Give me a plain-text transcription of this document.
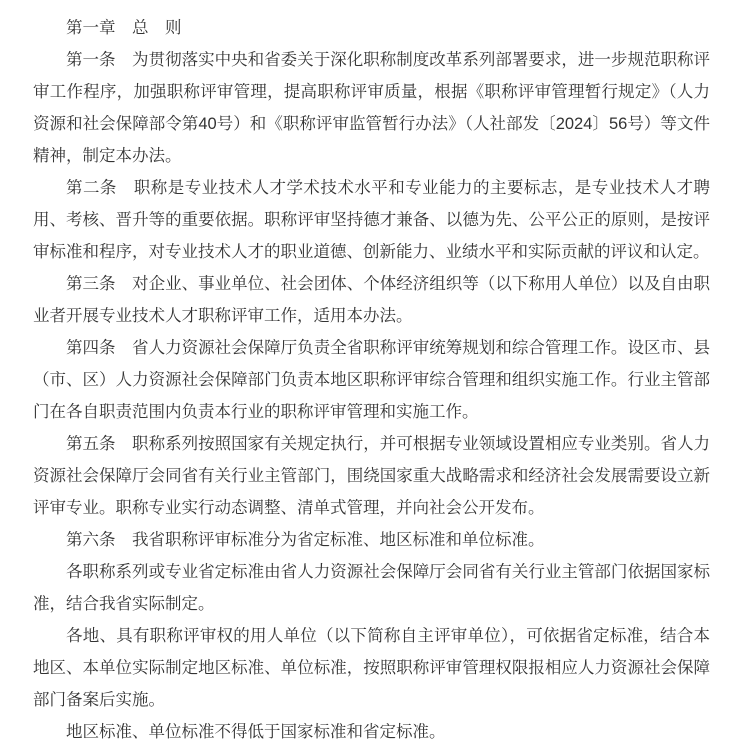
第一章　总　则

第一条　为贯彻落实中央和省委关于深化职称制度改革系列部署要求，进一步规范职称评审工作程序，加强职称评审管理，提高职称评审质量，根据《职称评审管理暂行规定》（人力资源和社会保障部令第40号）和《职称评审监管暂行办法》（人社部发〔2024〕56号）等文件精神，制定本办法。

第二条　职称是专业技术人才学术技术水平和专业能力的主要标志，是专业技术人才聘用、考核、晋升等的重要依据。职称评审坚持德才兼备、以德为先、公平公正的原则，是按评审标准和程序，对专业技术人才的职业道德、创新能力、业绩水平和实际贡献的评议和认定。

第三条　对企业、事业单位、社会团体、个体经济组织等（以下称用人单位）以及自由职业者开展专业技术人才职称评审工作，适用本办法。

第四条　省人力资源社会保障厅负责全省职称评审统筹规划和综合管理工作。设区市、县（市、区）人力资源社会保障部门负责本地区职称评审综合管理和组织实施工作。行业主管部门在各自职责范围内负责本行业的职称评审管理和实施工作。

第五条　职称系列按照国家有关规定执行，并可根据专业领域设置相应专业类别。省人力资源社会保障厅会同省有关行业主管部门，围绕国家重大战略需求和经济社会发展需要设立新评审专业。职称专业实行动态调整、清单式管理，并向社会公开发布。

第六条　我省职称评审标准分为省定标准、地区标准和单位标准。

各职称系列或专业省定标准由省人力资源社会保障厅会同省有关行业主管部门依据国家标准，结合我省实际制定。

各地、具有职称评审权的用人单位（以下简称自主评审单位），可依据省定标准，结合本地区、本单位实际制定地区标准、单位标准，按照职称评审管理权限报相应人力资源社会保障部门备案后实施。

地区标准、单位标准不得低于国家标准和省定标准。
